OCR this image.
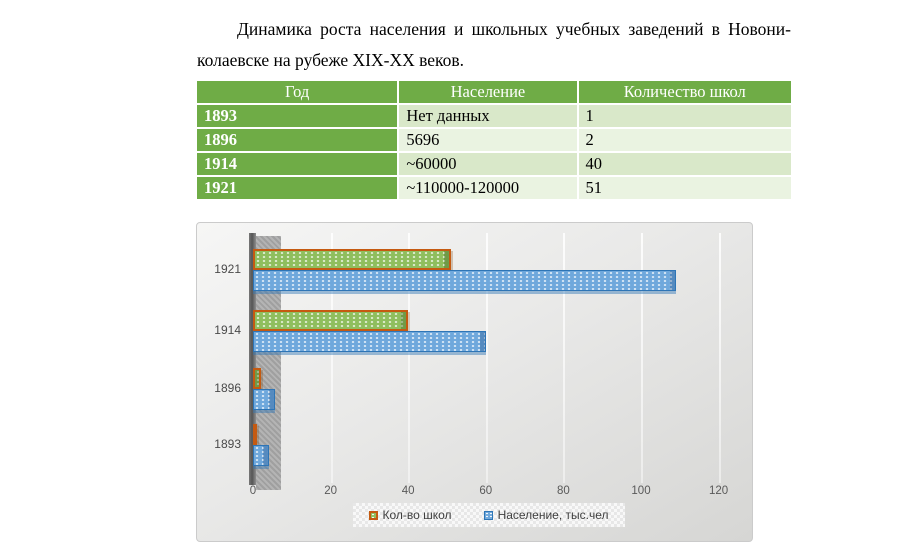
Динамика роста населения и школьных учебных заведений в Новони-
колаевске на рубеже XIX-XX веков.
Год	Население	Количество школ
1893	Нет данных	1
1896	5696	2
1914	~60000	40
1921	~110000-120000	51
1921
1914
1896
1893
0	20	40	60	80	100	120
Кол-во школ	Население, тыс.чел
